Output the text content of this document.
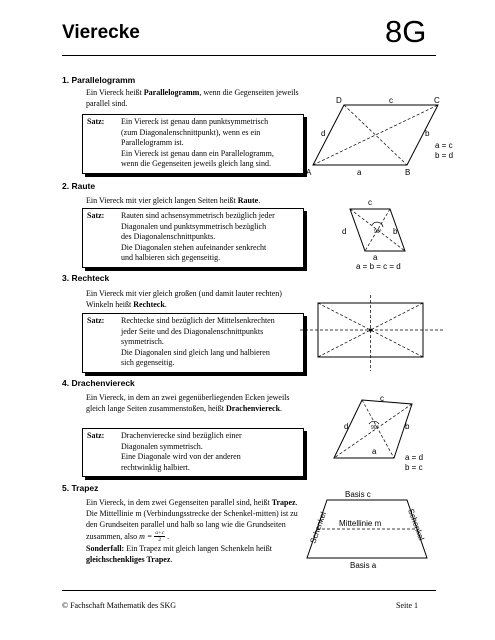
Vierecke	8G
1. Parallelogramm
Ein Viereck heißt Parallelogramm, wenn die Gegenseiten jeweils parallel sind.
Satz:	Ein Viereck ist genau dann punktsymmetrisch
(zum Diagonalenschnittpunkt), wenn es ein
Parallelogramm ist.
Ein Viereck ist genau dann ein Parallelogramm,
wenn die Gegenseiten jeweils gleich lang sind.
D	C
A	B
c
a
d	b
a = c
b = d
2. Raute
Ein Viereck mit vier gleich langen Seiten heißt Raute.
Satz:	Rauten sind achsensymmetrisch bezüglich jeder
Diagonalen und punktsymmetrisch bezüglich
des Diagonalenschnittpunkts.
Die Diagonalen stehen aufeinander senkrecht
und halbieren sich gegenseitig.
90°
c
d	b
a
a = b = c = d
3. Rechteck
Ein Viereck mit vier gleich großen (und damit lauter rechten) Winkeln heißt Rechteck.
Satz:	Rechtecke sind bezüglich der Mittelsenkrechten
jeder Seite und des Diagonalenschnittpunkts
symmetrisch.
Die Diagonalen sind gleich lang und halbieren
sich gegenseitig.
4. Drachenviereck
Ein Viereck, in dem an zwei gegenüberliegenden Ecken jeweils gleich lange Seiten zusammenstoßen, heißt Drachenviereck.
Satz:	Drachenvierecke sind bezüglich einer
Diagonalen symmetrisch.
Eine Diagonale wird von der anderen
rechtwinklig halbiert.
90°
c
d	b
a
a = d
b = c
5. Trapez
Ein Viereck, in dem zwei Gegenseiten parallel sind, heißt Trapez.
Die Mittellinie m (Verbindungsstrecke der Schenkel-mitten) ist zu den Grundseiten parallel und halb so lang wie die Grundseiten zusammen, also $m = \frac{a+c}{2}$ .
Sonderfall: Ein Trapez mit gleich langen Schenkeln heißt gleichschenkliges Trapez.
Basis c
Basis a
Mittellinie m
Schenkel	Schenkel
© Fachschaft Mathematik des SKG	Seite 1
